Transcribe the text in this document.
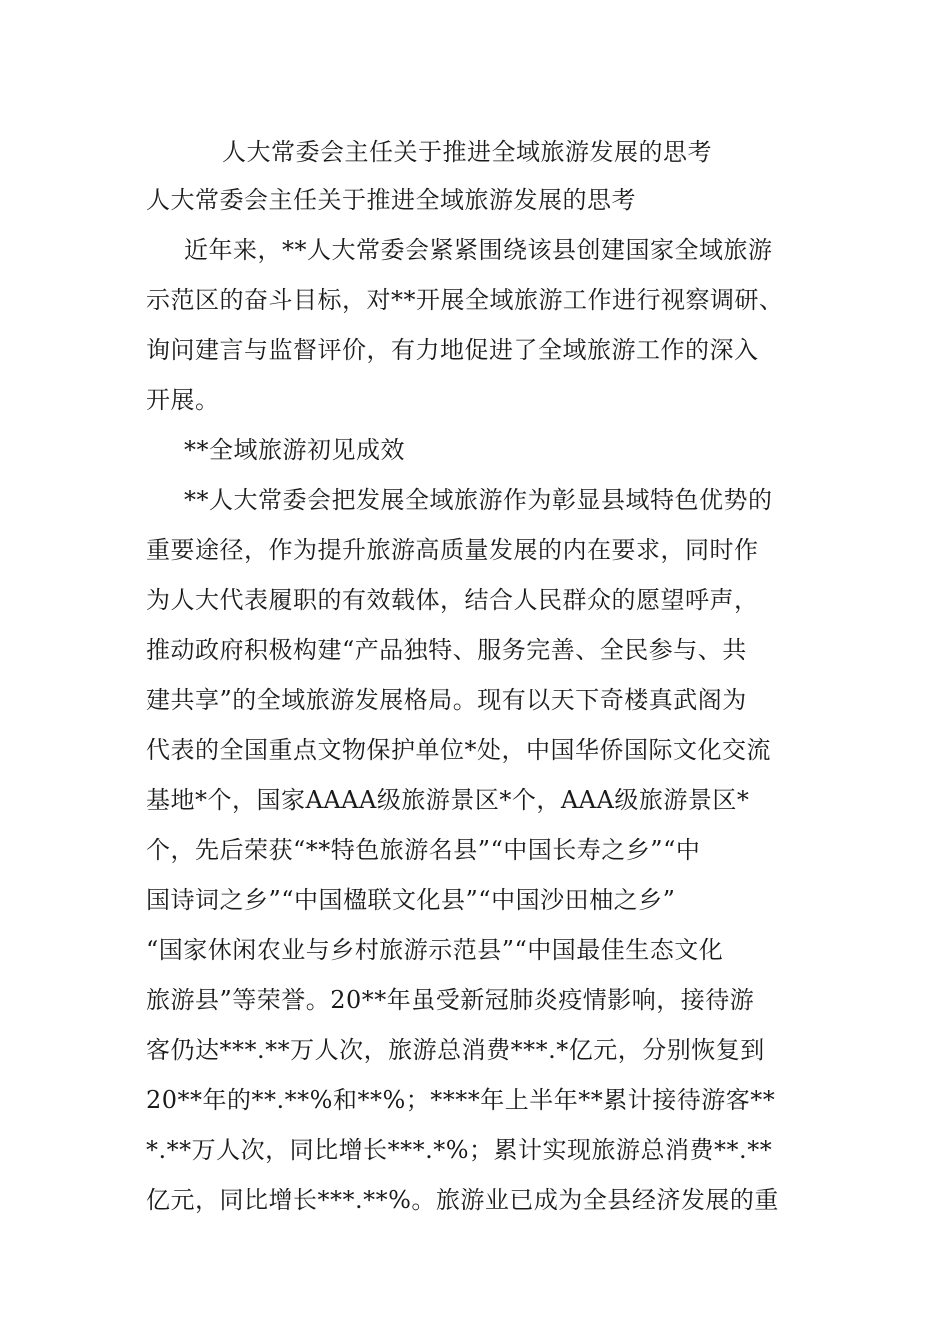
人大常委会主任关于推进全域旅游发展的思考
人大常委会主任关于推进全域旅游发展的思考
近年来，**人大常委会紧紧围绕该县创建国家全域旅游
示范区的奋斗目标，对**开展全域旅游工作进行视察调研、
询问建言与监督评价，有力地促进了全域旅游工作的深入
开展。
**全域旅游初见成效
**人大常委会把发展全域旅游作为彰显县域特色优势的
重要途径，作为提升旅游高质量发展的内在要求，同时作
为人大代表履职的有效载体，结合人民群众的愿望呼声，
推动政府积极构建“产品独特、服务完善、全民参与、共
建共享”的全域旅游发展格局。现有以天下奇楼真武阁为
代表的全国重点文物保护单位*处，中国华侨国际文化交流
基地*个，国家AAAA级旅游景区*个，AAA级旅游景区*
个，先后荣获“**特色旅游名县”“中国长寿之乡”“中
国诗词之乡”“中国楹联文化县”“中国沙田柚之乡”
“国家休闲农业与乡村旅游示范县”“中国最佳生态文化
旅游县”等荣誉。20**年虽受新冠肺炎疫情影响，接待游
客仍达***.**万人次，旅游总消费***.*亿元，分别恢复到
20**年的**.**%和**%；****年上半年**累计接待游客**
*.**万人次，同比增长***.*%；累计实现旅游总消费**.**
亿元，同比增长***.**%。旅游业已成为全县经济发展的重
